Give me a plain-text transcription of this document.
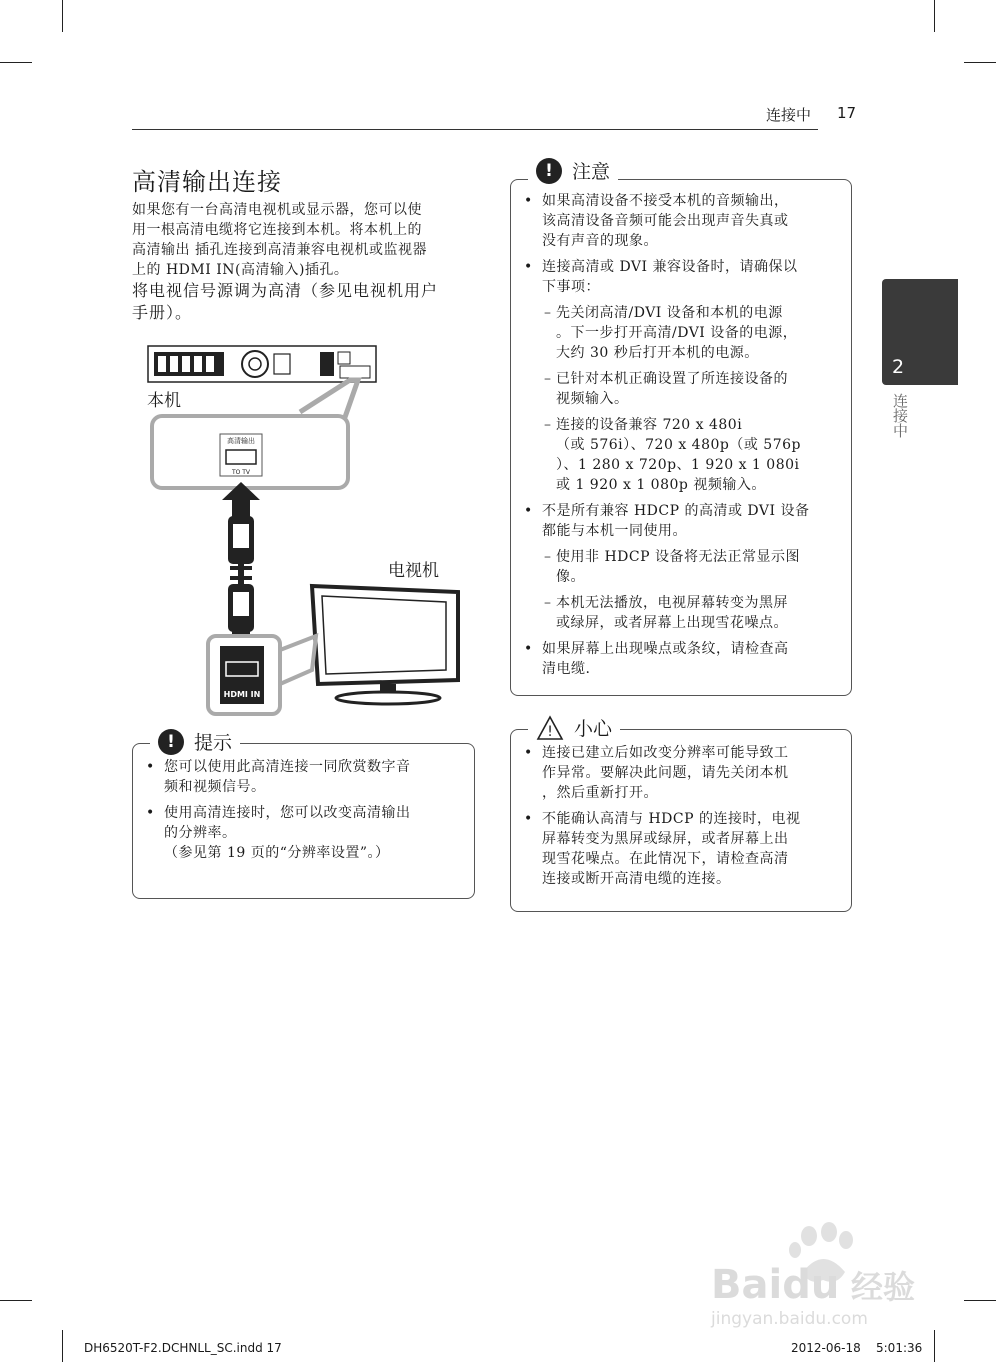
连接中 17
高清输出连接
如果您有一台高清电视机或显示器，您可以使
用一根高清电缆将它连接到本机。将本机上的
高清输出 插孔连接到高清兼容电视机或监视器
上的 HDMI IN(高清输入)插孔。
将电视信号源调为高清（参见电视机用户
手册）。
本机
电视机
高清输出
TO TV
HDMI IN
!	提示
• 您可以使用此高清连接一同欣赏数字音
频和视频信号。
• 使用高清连接时，您可以改变高清输出
的分辨率。
（参见第 19 页的“分辨率设置”。）
!	注意
• 如果高清设备不接受本机的音频输出，
该高清设备音频可能会出现声音失真或
没有声音的现象。
• 连接高清或 DVI 兼容设备时，请确保以
下事项：
– 先关闭高清/DVI 设备和本机的电源
。下一步打开高清/DVI 设备的电源，
大约 30 秒后打开本机的电源。
– 已针对本机正确设置了所连接设备的
视频输入。
– 连接的设备兼容 720 x 480i
（或 576i）、720 x 480p（或 576p
）、1 280 x 720p、1 920 x 1 080i
或 1 920 x 1 080p 视频输入。
• 不是所有兼容 HDCP 的高清或 DVI 设备
都能与本机一同使用。
– 使用非 HDCP 设备将无法正常显示图
像。
– 本机无法播放，电视屏幕转变为黑屏
或绿屏，或者屏幕上出现雪花噪点。
• 如果屏幕上出现噪点或条纹，请检查高
清电缆.
! 小心
• 连接已建立后如改变分辨率可能导致工
作异常。要解决此问题，请先关闭本机
，然后重新打开。
• 不能确认高清与 HDCP 的连接时，电视
屏幕转变为黑屏或绿屏，或者屏幕上出
现雪花噪点。在此情况下，请检查高清
连接或断开高清电缆的连接。
2
连接中
Baidu 经验
jingyan.baidu.com
DH6520T-F2.DCHNLL_SC.indd 17	2012-06-18 5:01:36
